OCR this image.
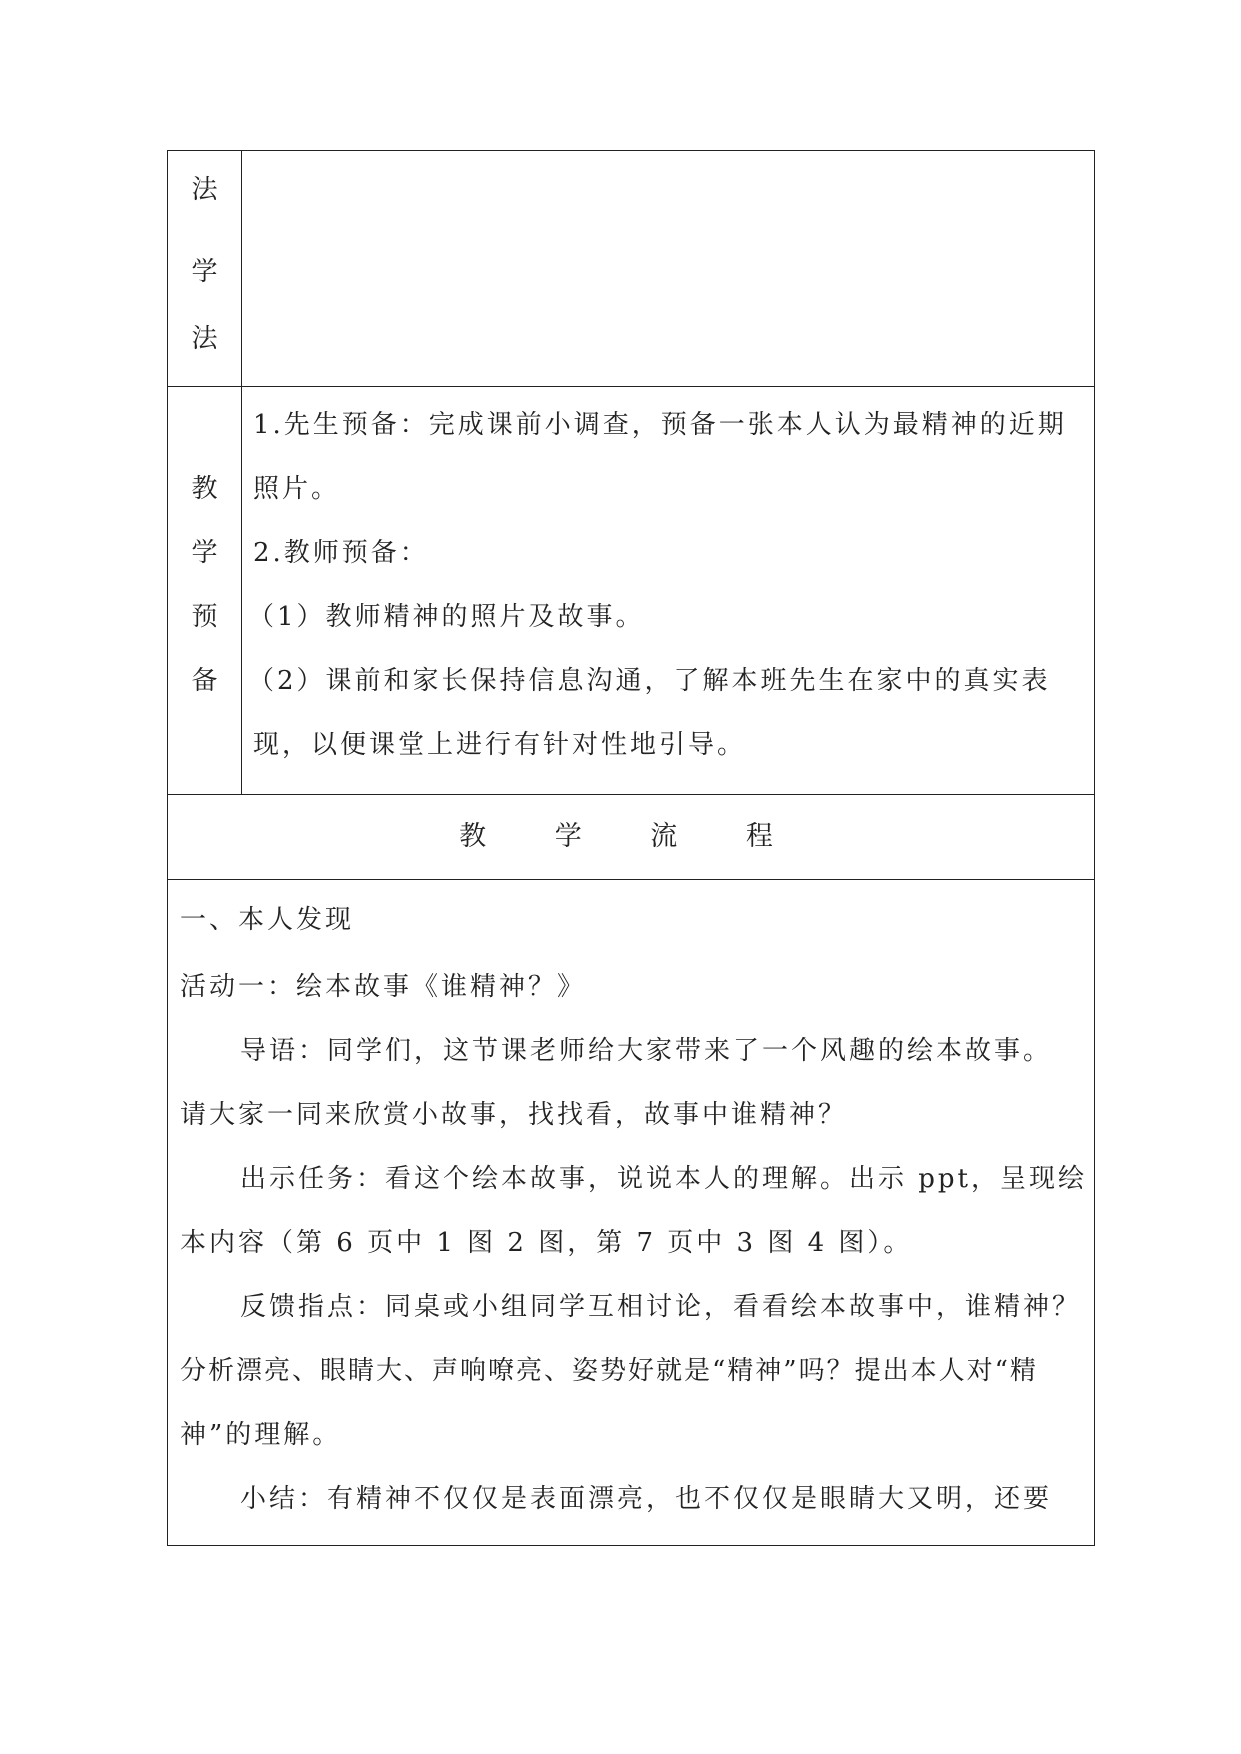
法
学
法
教
学
预
备
1.先生预备：完成课前小调查，预备一张本人认为最精神的近期
照片。
2.教师预备：
（1）教师精神的照片及故事。
（2）课前和家长保持信息沟通，了解本班先生在家中的真实表
现，以便课堂上进行有针对性地引导。
教 学 流 程
一、本人发现
活动一：绘本故事《谁精神？》
导语：同学们，这节课老师给大家带来了一个风趣的绘本故事。
请大家一同来欣赏小故事，找找看，故事中谁精神？
出示任务：看这个绘本故事，说说本人的理解。出示 ppt，呈现绘
本内容（第 6 页中 1 图 2 图，第 7 页中 3 图 4 图）。
反馈指点：同桌或小组同学互相讨论，看看绘本故事中，谁精神？
分析漂亮、眼睛大、声响嘹亮、姿势好就是“精神”吗？提出本人对“精
神”的理解。
小结：有精神不仅仅是表面漂亮，也不仅仅是眼睛大又明，还要
